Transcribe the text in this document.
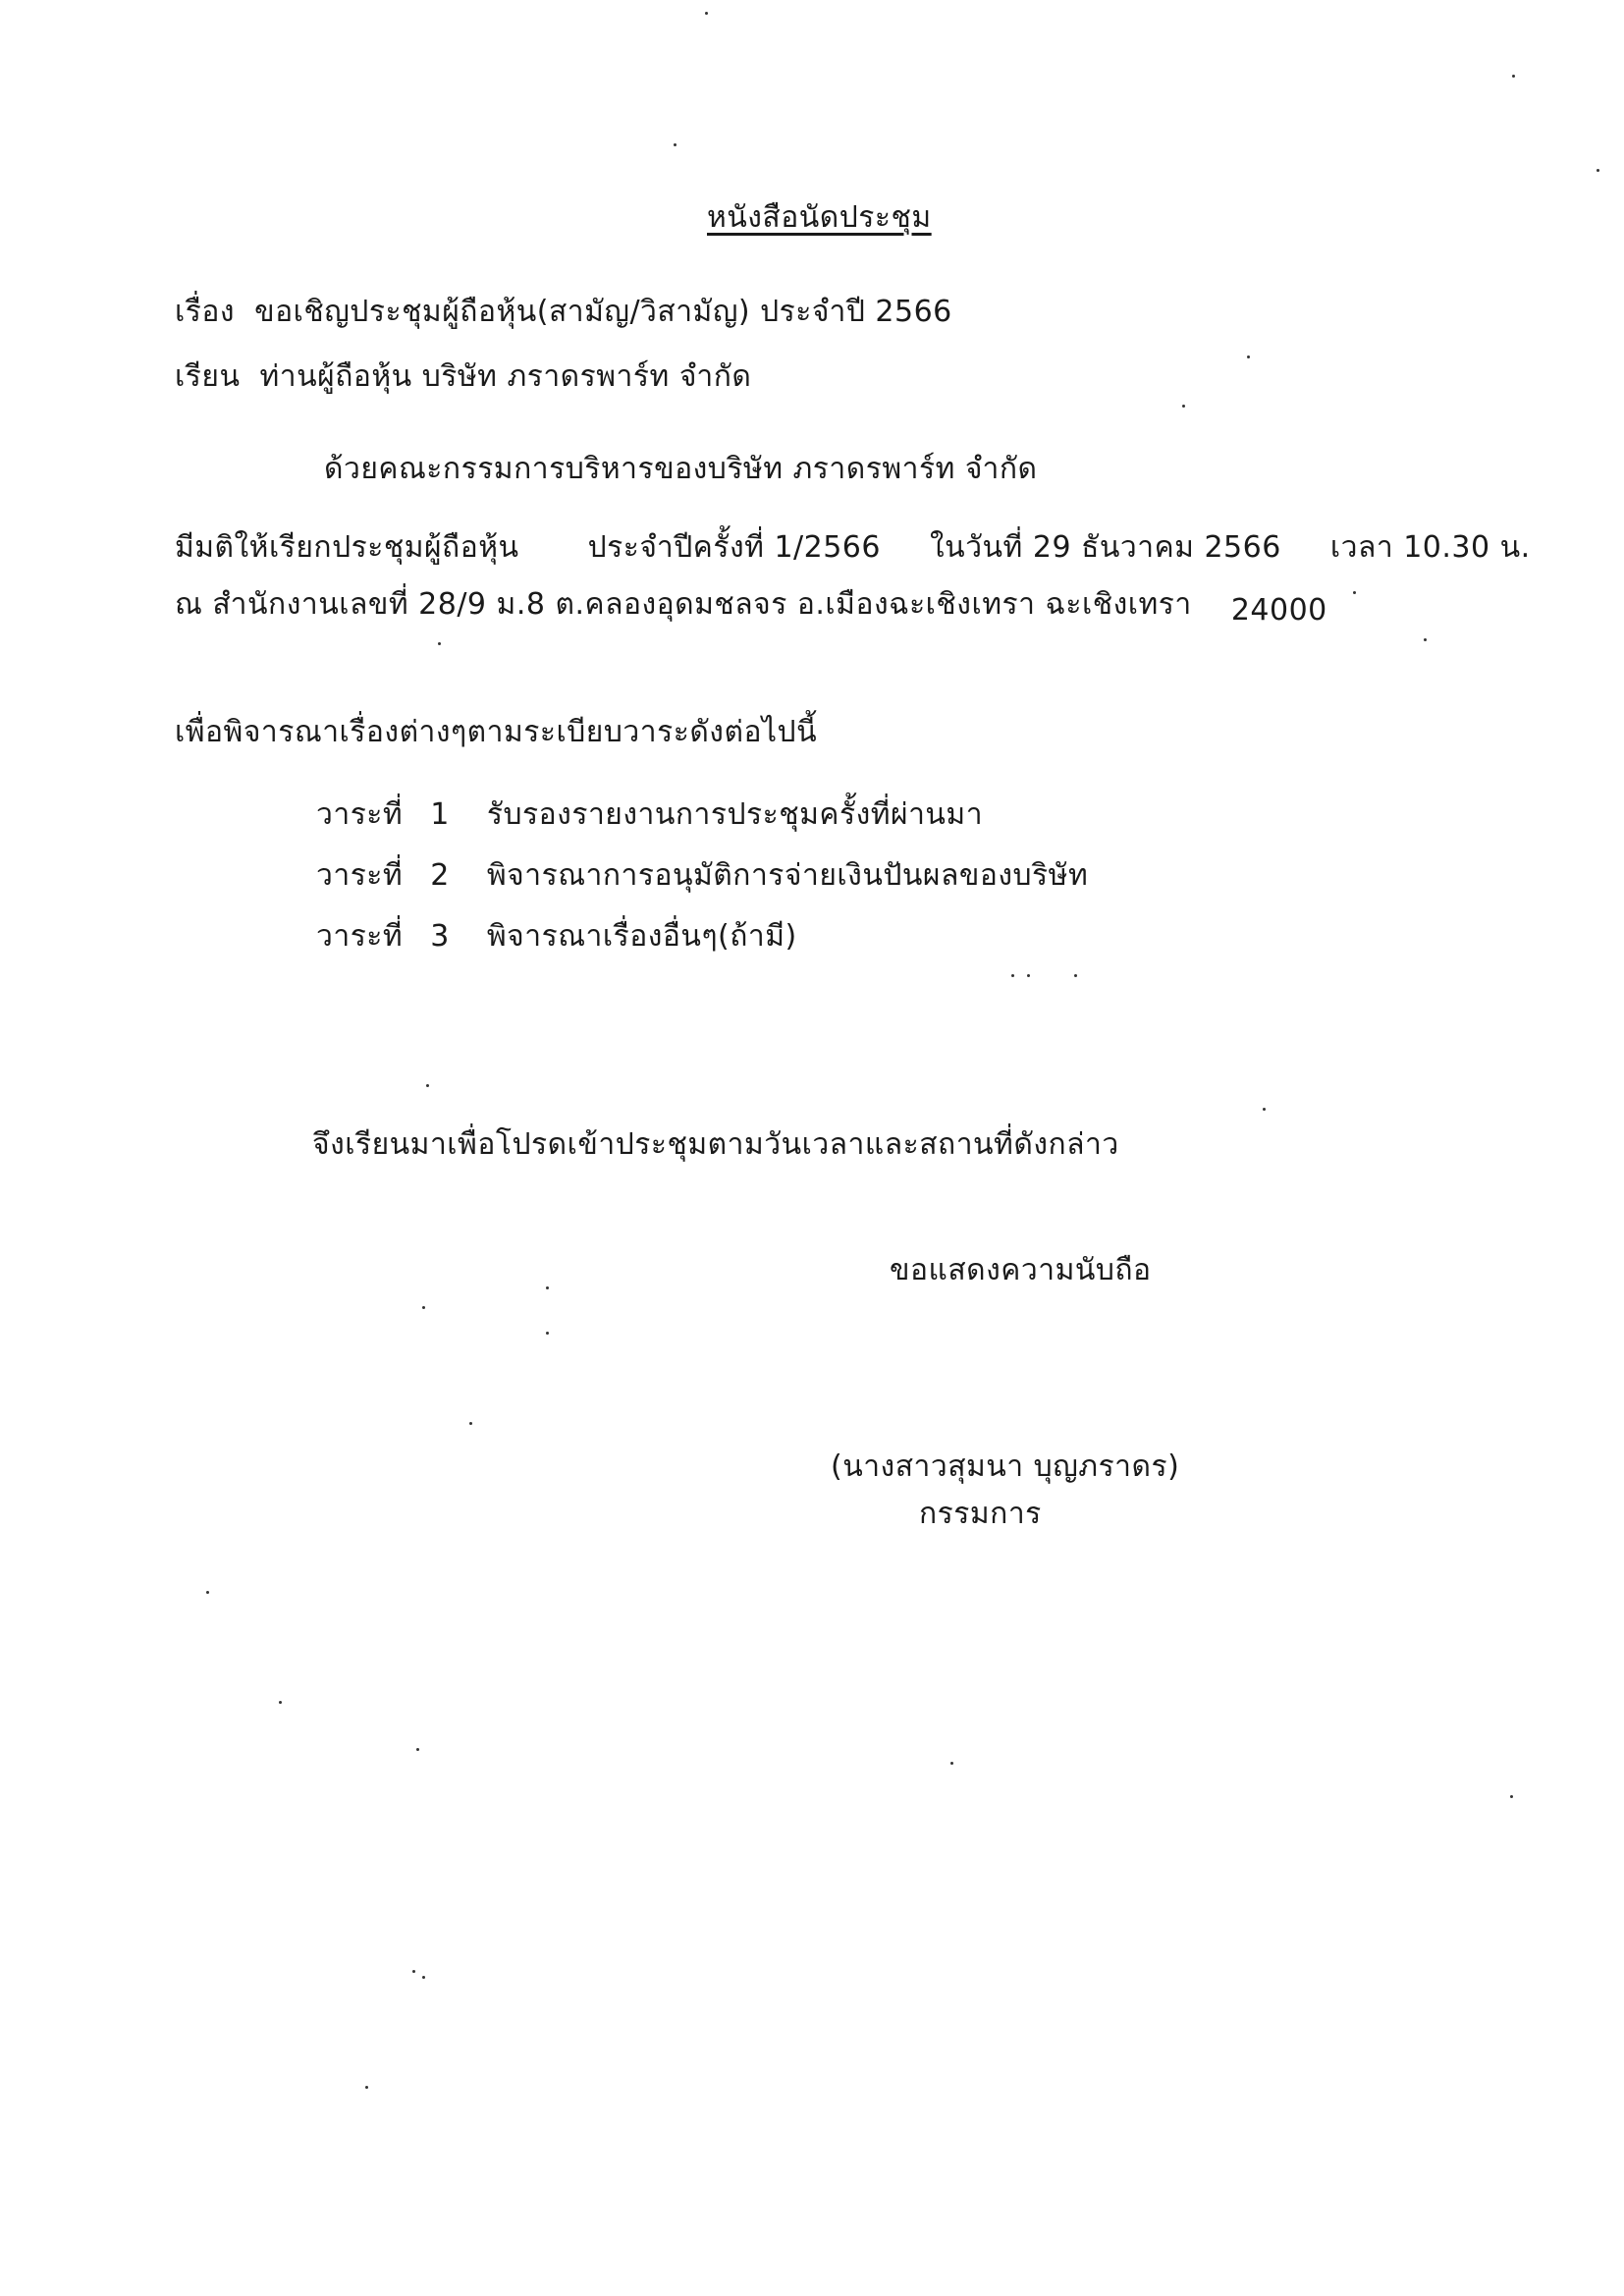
หนังสือนัดประชุม
เรื่อง ขอเชิญประชุมผู้ถือหุ้น(สามัญ/วิสามัญ) ประจำปี 2566
เรียน ท่านผู้ถือหุ้น บริษัท ภราดรพาร์ท จำกัด
ด้วยคณะกรรมการบริหารของบริษัท ภราดรพาร์ท จำกัด
มีมติให้เรียกประชุมผู้ถือหุ้น ประจำปีครั้งที่ 1/2566 ในวันที่ 29 ธันวาคม 2566 เวลา 10.30 น.
ณ สำนักงานเลขที่ 28/9 ม.8 ต.คลองอุดมชลจร อ.เมืองฉะเชิงเทรา ฉะเชิงเทรา 24000
เพื่อพิจารณาเรื่องต่างๆตามระเบียบวาระดังต่อไปนี้
วาระที่ 1 รับรองรายงานการประชุมครั้งที่ผ่านมา
วาระที่ 2 พิจารณาการอนุมัติการจ่ายเงินปันผลของบริษัท
วาระที่ 3 พิจารณาเรื่องอื่นๆ(ถ้ามี)
จึงเรียนมาเพื่อโปรดเข้าประชุมตามวันเวลาและสถานที่ดังกล่าว
ขอแสดงความนับถือ
(นางสาวสุมนา บุญภราดร)
กรรมการ
